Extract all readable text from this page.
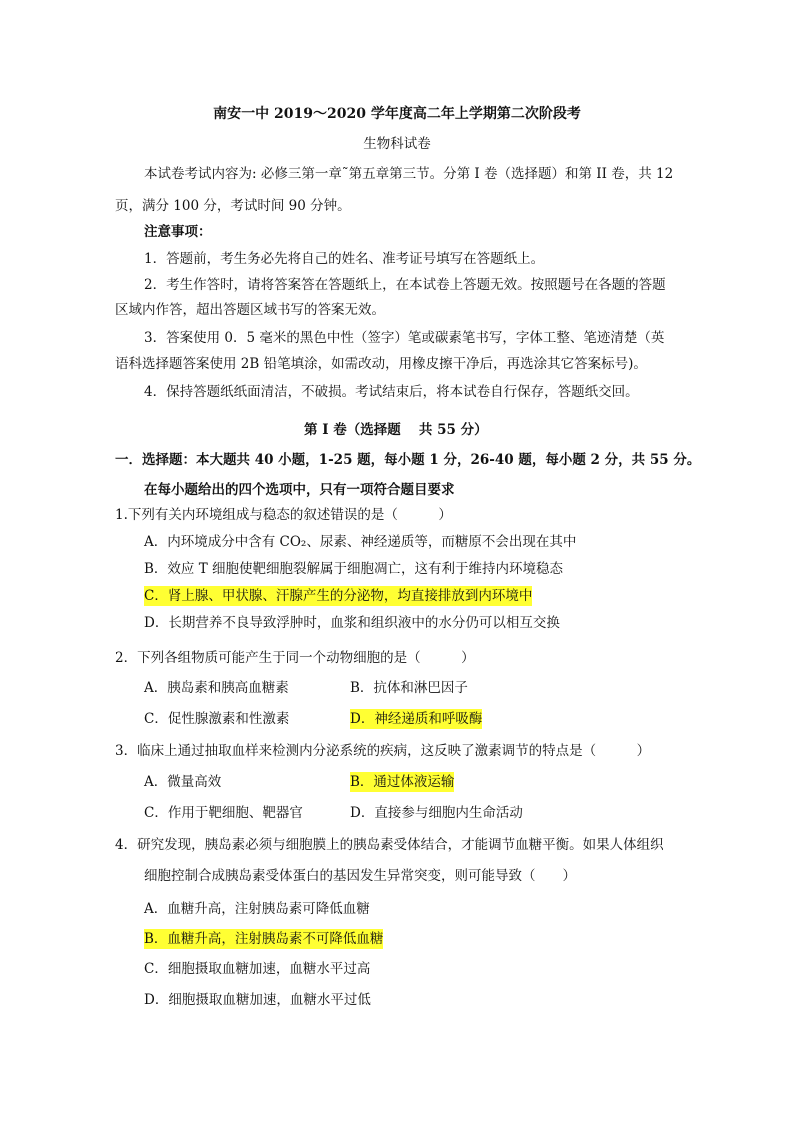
南安一中 2019～2020 学年度高二年上学期第二次阶段考
生物科试卷
本试卷考试内容为: 必修三第一章˜第五章第三节。分第 I 卷（选择题）和第 II 卷，共 12
页，满分 100 分，考试时间 90 分钟。
注意事项：
1．答题前，考生务必先将自己的姓名、准考证号填写在答题纸上。
2．考生作答时，请将答案答在答题纸上，在本试卷上答题无效。按照题号在各题的答题
区域内作答，超出答题区域书写的答案无效。
3．答案使用 0．5 毫米的黑色中性（签字）笔或碳素笔书写，字体工整、笔迹清楚（英
语科选择题答案使用 2B 铅笔填涂，如需改动，用橡皮擦干净后，再选涂其它答案标号)。
4．保持答题纸纸面清洁，不破损。考试结束后，将本试卷自行保存，答题纸交回。
第 I 卷（选择题　 共 55 分）
一．选择题：本大题共 40 小题，1-25 题，每小题 1 分，26-40 题，每小题 2 分，共 55 分。
在每小题给出的四个选项中，只有一项符合题目要求
1.下列有关内环境组成与稳态的叙述错误的是（　　　）
A．内环境成分中含有 CO₂、尿素、神经递质等，而糖原不会出现在其中
B．效应 T 细胞使靶细胞裂解属于细胞凋亡，这有利于维持内环境稳态
C．肾上腺、甲状腺、汗腺产生的分泌物，均直接排放到内环境中
D．长期营养不良导致浮肿时，血浆和组织液中的水分仍可以相互交换
2．下列各组物质可能产生于同一个动物细胞的是（　　　）
A．胰岛素和胰高血糖素	B．抗体和淋巴因子
C．促性腺激素和性激素	D．神经递质和呼吸酶
3．临床上通过抽取血样来检测内分泌系统的疾病，这反映了激素调节的特点是（　　　）
A．微量高效	B．通过体液运输
C．作用于靶细胞、靶器官	D．直接参与细胞内生命活动
4．研究发现，胰岛素必须与细胞膜上的胰岛素受体结合，才能调节血糖平衡。如果人体组织
细胞控制合成胰岛素受体蛋白的基因发生异常突变，则可能导致（　　）
A．血糖升高，注射胰岛素可降低血糖
B．血糖升高，注射胰岛素不可降低血糖
C．细胞摄取血糖加速，血糖水平过高
D．细胞摄取血糖加速，血糖水平过低
